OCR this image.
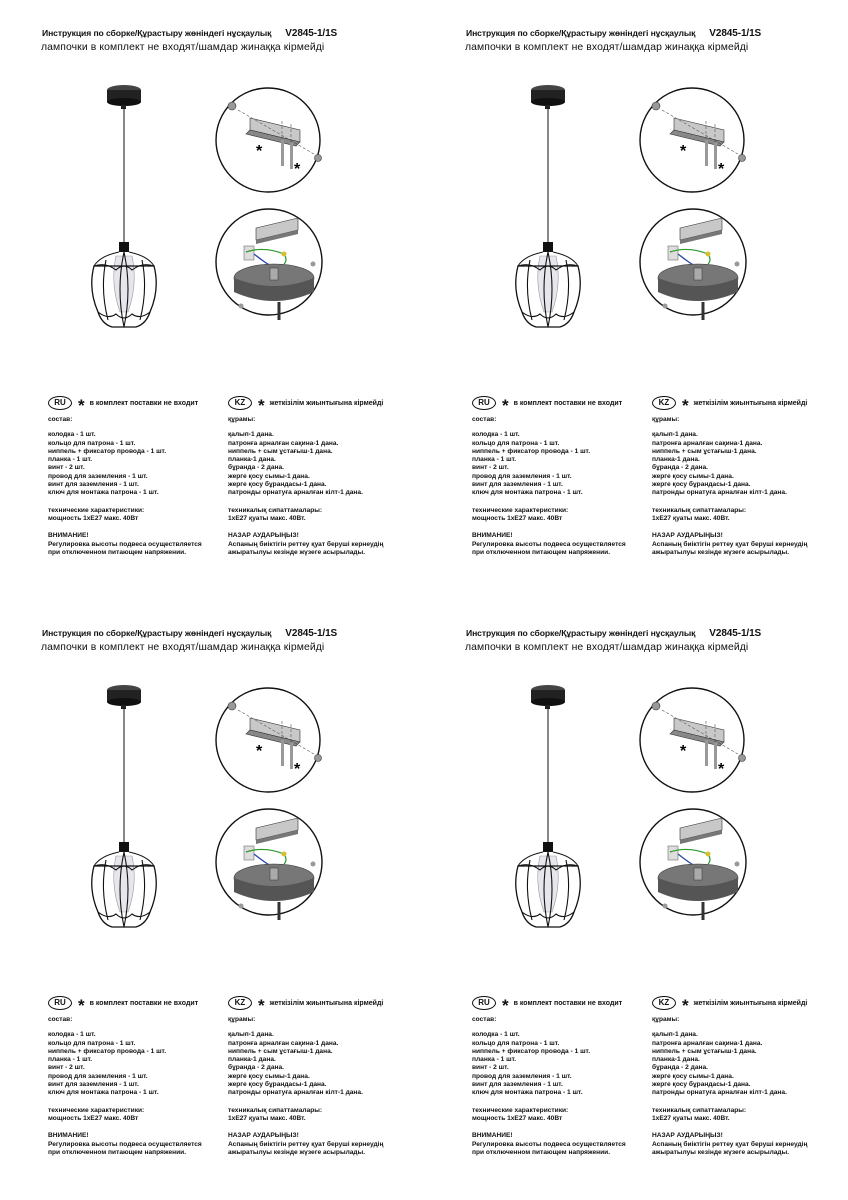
Инструкция по сборке/Құрастыру жөніндегі нұсқаулық V2845-1/1S
лампочки в комплект не входят/шамдар жинаққа кірмейді
*
*
RU * в комплект поставки не входит	KZ * жеткізілім жиынтығына кірмейді
состав:
колодка - 1 шт.
кольцо для патрона - 1 шт.
ниппель + фиксатор провода - 1 шт.
планка - 1 шт.
винт - 2 шт.
провод для заземления - 1 шт.
винт для заземления - 1 шт.
ключ для монтажа патрона - 1 шт.
технические характеристики:
мощность 1хЕ27 макс. 40Вт
ВНИМАНИЕ!
Регулировка высоты подвеса осуществляется
при отключенном питающем напряжении.
құрамы:
қалып-1 дана.
патронға арналған сақина-1 дана.
ниппель + сым ұстағыш-1 дана.
планка-1 дана.
бұранда - 2 дана.
жерге қосу сымы-1 дана.
жерге қосу бұрандасы-1 дана.
патронды орнатуға арналған кілт-1 дана.
техникалық сипаттамалары:
1хЕ27 қуаты макс. 40Вт.
НАЗАР АУДАРЫҢЫЗ!
Аспаның биіктігін реттеу қуат беруші кернеудің
ажыратылуы кезінде жүзеге асырылады.
Инструкция по сборке/Құрастыру жөніндегі нұсқаулық V2845-1/1S
лампочки в комплект не входят/шамдар жинаққа кірмейді
*
*
RU * в комплект поставки не входит	KZ * жеткізілім жиынтығына кірмейді
состав:
колодка - 1 шт.
кольцо для патрона - 1 шт.
ниппель + фиксатор провода - 1 шт.
планка - 1 шт.
винт - 2 шт.
провод для заземления - 1 шт.
винт для заземления - 1 шт.
ключ для монтажа патрона - 1 шт.
технические характеристики:
мощность 1хЕ27 макс. 40Вт
ВНИМАНИЕ!
Регулировка высоты подвеса осуществляется
при отключенном питающем напряжении.
құрамы:
қалып-1 дана.
патронға арналған сақина-1 дана.
ниппель + сым ұстағыш-1 дана.
планка-1 дана.
бұранда - 2 дана.
жерге қосу сымы-1 дана.
жерге қосу бұрандасы-1 дана.
патронды орнатуға арналған кілт-1 дана.
техникалық сипаттамалары:
1хЕ27 қуаты макс. 40Вт.
НАЗАР АУДАРЫҢЫЗ!
Аспаның биіктігін реттеу қуат беруші кернеудің
ажыратылуы кезінде жүзеге асырылады.
Инструкция по сборке/Құрастыру жөніндегі нұсқаулық V2845-1/1S
лампочки в комплект не входят/шамдар жинаққа кірмейді
*
*
RU * в комплект поставки не входит	KZ * жеткізілім жиынтығына кірмейді
состав:
колодка - 1 шт.
кольцо для патрона - 1 шт.
ниппель + фиксатор провода - 1 шт.
планка - 1 шт.
винт - 2 шт.
провод для заземления - 1 шт.
винт для заземления - 1 шт.
ключ для монтажа патрона - 1 шт.
технические характеристики:
мощность 1хЕ27 макс. 40Вт
ВНИМАНИЕ!
Регулировка высоты подвеса осуществляется
при отключенном питающем напряжении.
құрамы:
қалып-1 дана.
патронға арналған сақина-1 дана.
ниппель + сым ұстағыш-1 дана.
планка-1 дана.
бұранда - 2 дана.
жерге қосу сымы-1 дана.
жерге қосу бұрандасы-1 дана.
патронды орнатуға арналған кілт-1 дана.
техникалық сипаттамалары:
1хЕ27 қуаты макс. 40Вт.
НАЗАР АУДАРЫҢЫЗ!
Аспаның биіктігін реттеу қуат беруші кернеудің
ажыратылуы кезінде жүзеге асырылады.
Инструкция по сборке/Құрастыру жөніндегі нұсқаулық V2845-1/1S
лампочки в комплект не входят/шамдар жинаққа кірмейді
*
*
RU * в комплект поставки не входит	KZ * жеткізілім жиынтығына кірмейді
состав:
колодка - 1 шт.
кольцо для патрона - 1 шт.
ниппель + фиксатор провода - 1 шт.
планка - 1 шт.
винт - 2 шт.
провод для заземления - 1 шт.
винт для заземления - 1 шт.
ключ для монтажа патрона - 1 шт.
технические характеристики:
мощность 1хЕ27 макс. 40Вт
ВНИМАНИЕ!
Регулировка высоты подвеса осуществляется
при отключенном питающем напряжении.
құрамы:
қалып-1 дана.
патронға арналған сақина-1 дана.
ниппель + сым ұстағыш-1 дана.
планка-1 дана.
бұранда - 2 дана.
жерге қосу сымы-1 дана.
жерге қосу бұрандасы-1 дана.
патронды орнатуға арналған кілт-1 дана.
техникалық сипаттамалары:
1хЕ27 қуаты макс. 40Вт.
НАЗАР АУДАРЫҢЫЗ!
Аспаның биіктігін реттеу қуат беруші кернеудің
ажыратылуы кезінде жүзеге асырылады.
